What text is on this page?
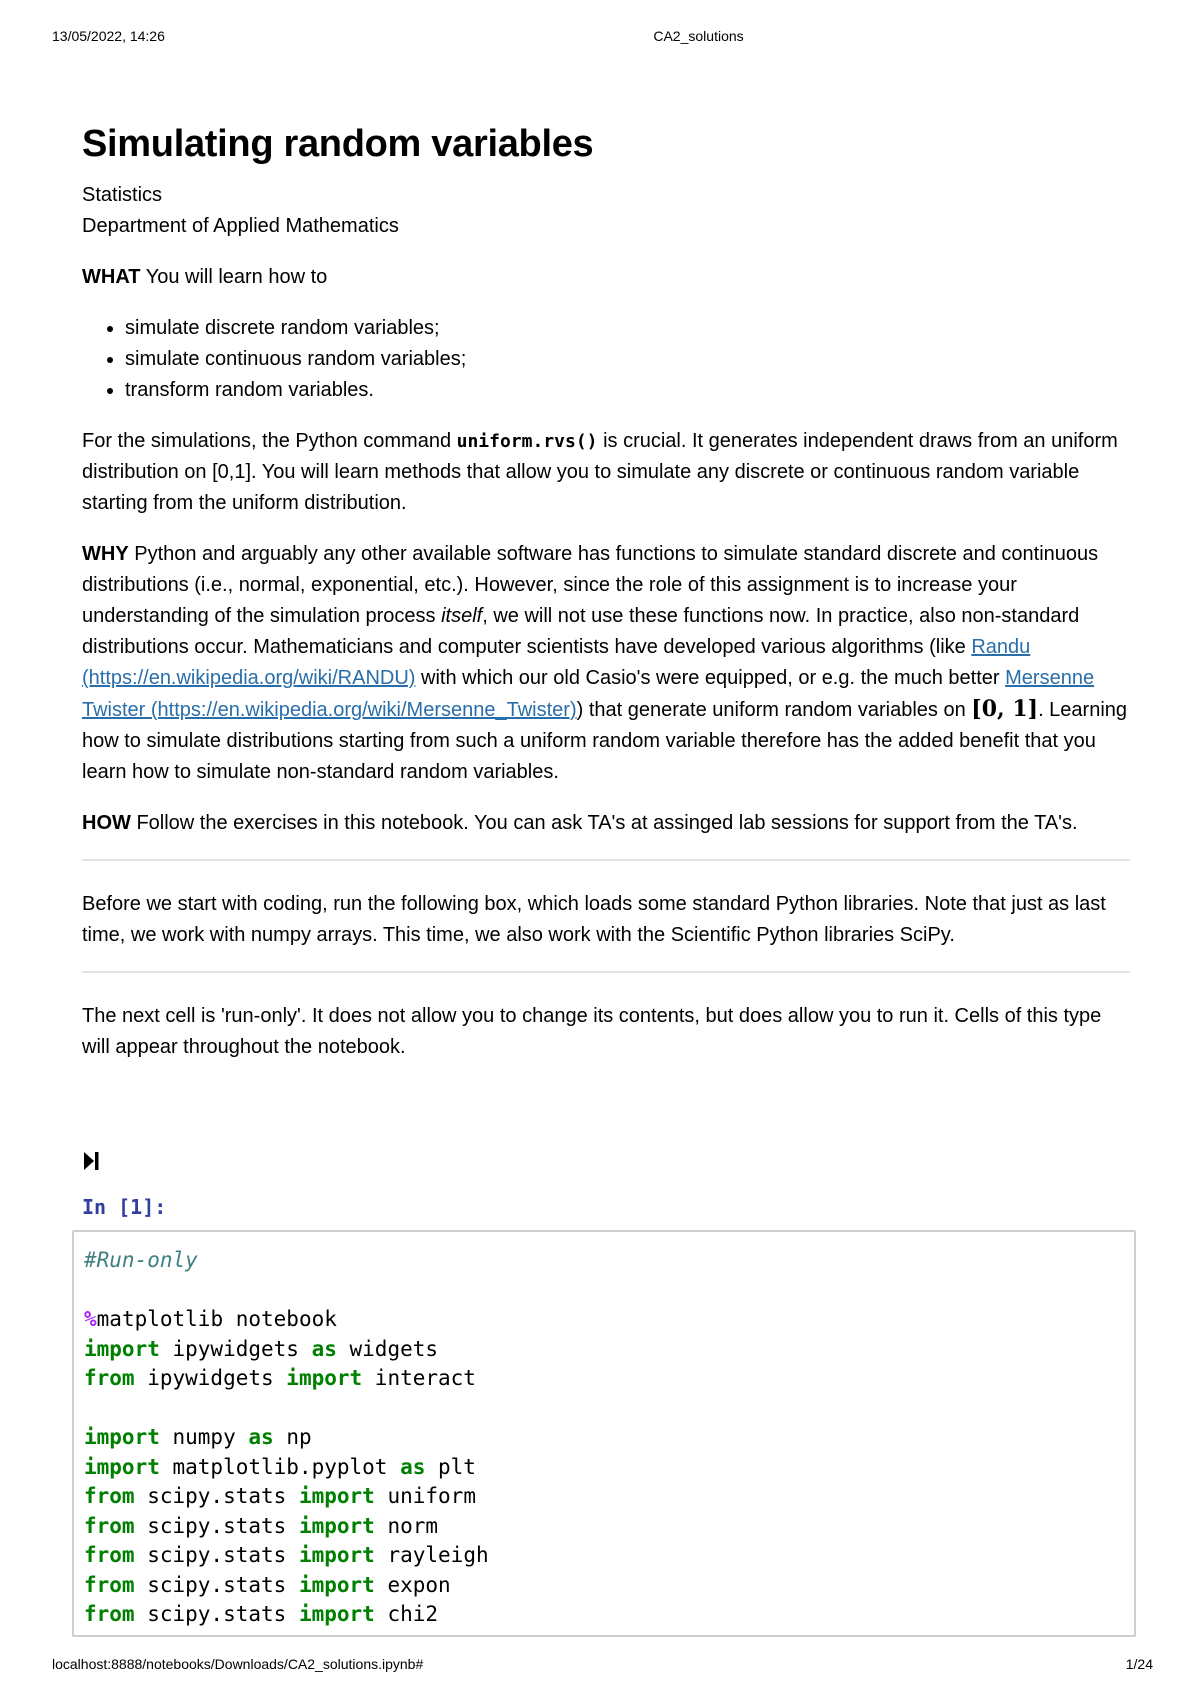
13/05/2022, 14:26	CA2_solutions
Simulating random variables

Statistics
Department of Applied Mathematics

WHAT You will learn how to

• simulate discrete random variables;
• simulate continuous random variables;
• transform random variables.

For the simulations, the Python command uniform.rvs() is crucial. It generates independent draws from an uniform distribution on [0,1]. You will learn methods that allow you to simulate any discrete or continuous random variable starting from the uniform distribution.

WHY Python and arguably any other available software has functions to simulate standard discrete and continuous distributions (i.e., normal, exponential, etc.). However, since the role of this assignment is to increase your understanding of the simulation process itself, we will not use these functions now. In practice, also non-standard distributions occur. Mathematicians and computer scientists have developed various algorithms (like Randu (https://en.wikipedia.org/wiki/RANDU) with which our old Casio's were equipped, or e.g. the much better Mersenne Twister (https://en.wikipedia.org/wiki/Mersenne_Twister)) that generate uniform random variables on [0, 1]. Learning how to simulate distributions starting from such a uniform random variable therefore has the added benefit that you learn how to simulate non-standard random variables.

HOW Follow the exercises in this notebook. You can ask TA's at assinged lab sessions for support from the TA's.

Before we start with coding, run the following box, which loads some standard Python libraries. Note that just as last time, we work with numpy arrays. This time, we also work with the Scientific Python libraries SciPy.

The next cell is 'run-only'. It does not allow you to change its contents, but does allow you to run it. Cells of this type will appear throughout the notebook.

In [1]:
#Run-only
%matplotlib notebook
import ipywidgets as widgets
from ipywidgets import interact
import numpy as np
import matplotlib.pyplot as plt
from scipy.stats import uniform
from scipy.stats import norm
from scipy.stats import rayleigh
from scipy.stats import expon
from scipy.stats import chi2
localhost:8888/notebooks/Downloads/CA2_solutions.ipynb#	1/24
